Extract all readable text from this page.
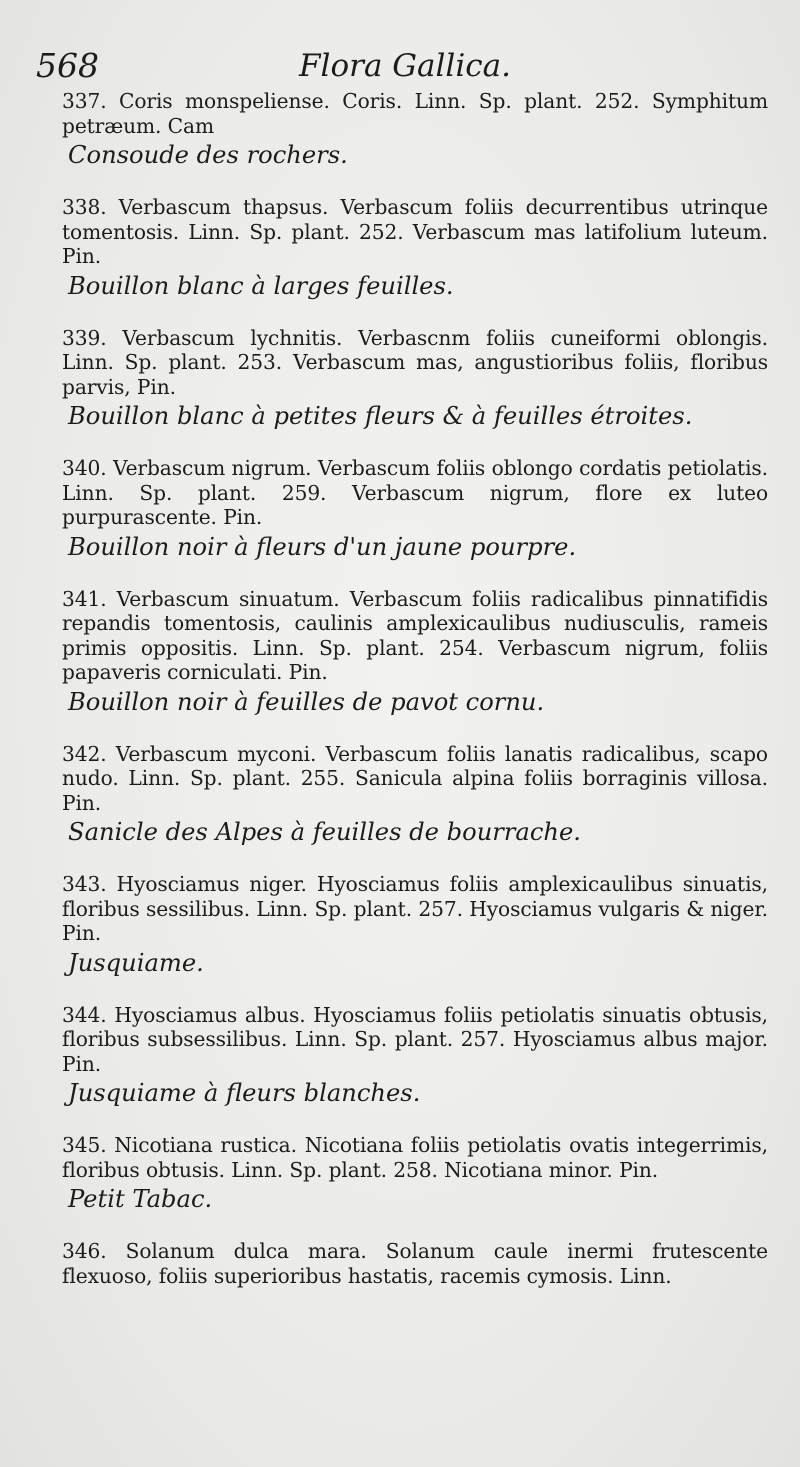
568	Flora Gallica.

337. Coris monspeliense. Coris. Linn. Sp. plant. 252. Symphitum petræum. Cam

Consoude des rochers.

338. Verbascum thapsus. Verbascum foliis decurrentibus utrinque tomentosis. Linn. Sp. plant. 252. Verbascum mas latifolium luteum. Pin.

Bouillon blanc à larges feuilles.

339. Verbascum lychnitis. Verbascnm foliis cuneiformi oblongis. Linn. Sp. plant. 253. Verbascum mas, angustioribus foliis, floribus parvis, Pin.

Bouillon blanc à petites fleurs & à feuilles étroites.

340. Verbascum nigrum. Verbascum foliis oblongo cordatis petiolatis. Linn. Sp. plant. 259. Verbascum nigrum, flore ex luteo purpurascente. Pin.

Bouillon noir à fleurs d'un jaune pourpre.

341. Verbascum sinuatum. Verbascum foliis radicalibus pinnatifidis repandis tomentosis, caulinis amplexicaulibus nudiusculis, rameis primis oppositis. Linn. Sp. plant. 254. Verbascum nigrum, foliis papaveris corniculati. Pin.

Bouillon noir à feuilles de pavot cornu.

342. Verbascum myconi. Verbascum foliis lanatis radicalibus, scapo nudo. Linn. Sp. plant. 255. Sanicula alpina foliis borraginis villosa. Pin.

Sanicle des Alpes à feuilles de bourrache.

343. Hyosciamus niger. Hyosciamus foliis amplexicaulibus sinuatis, floribus sessilibus. Linn. Sp. plant. 257. Hyosciamus vulgaris & niger. Pin.

Jusquiame.

344. Hyosciamus albus. Hyosciamus foliis petiolatis sinuatis obtusis, floribus subsessilibus. Linn. Sp. plant. 257. Hyosciamus albus major. Pin.

Jusquiame à fleurs blanches.

345. Nicotiana rustica. Nicotiana foliis petiolatis ovatis integerrimis, floribus obtusis. Linn. Sp. plant. 258. Nicotiana minor. Pin.

Petit Tabac.

346. Solanum dulca mara. Solanum caule inermi frutescente flexuoso, foliis superioribus hastatis, racemis cymosis. Linn.
